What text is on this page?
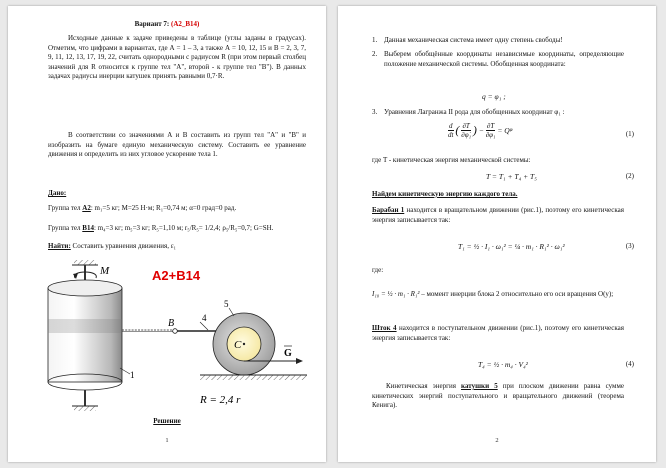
Вариант 7: (А2_В14)
Исходные данные к задаче приведены в таблице (углы заданы в градусах). Отметим, что цифрами в вариантах, где А = 1 – 3, а также А = 10, 12, 15 и В = 2, 3, 7, 9, 11, 12, 13, 17, 19, 22, считать однородными с радиусом R (при этом первый столбец значений для R относится к группе тел "А", второй - к группе тел "В"). В данных задачах радиусы инерции катушек принять равными 0,7·R.
В соответствии со значениями А и В составить из групп тел "А" и "В" и изобразить на бумаге единую механическую систему. Составить ее уравнение движения и определить из них угловое ускорение тела 1.
Дано:
Группа тел А2: m₁=5 кг; M=25 Н·м; R₁=0,74 м; α=0 град=0 рад.
Группа тел В14: m₄=3 кг; m₅=3 кг; R₅=1,10 м; r₅/R₅= 1/2,4; ρ₅/R₅=0,7; G=SH.
Найти: Составить уравнения движения, ε₁
M
1
B	4
C
5
G
А2+В14
R = 2,4 r
Решение
1
1. Данная механическая система имеет одну степень свободы!
2. Выберем обобщённые координаты независимые координаты, определяющие положение механической системы. Обобщенная координата:
q = φ₁ ;
3. Уравнения Лагранжа II рода для обобщенных координат φ₁ :
$\frac{d}{dt}$ ( $\frac{\partial T}{\text{∂φ̇₁}}$ ) − $\frac{\partial T}{\text{∂φ₁}} = Q\varphi$	(1)
где T - кинетическая энергия механической системы:
T = T₁ + T₄ + T₅	(2)
Найдем кинетическую энергию каждого тела.
Барабан 1 находится в вращательном движении (рис.1), поэтому его кинетическая энергия записывается так:
T₁ = ½ · I₁ · ω₁² = ¼ · m₁ · R₁² · ω₁²	(3)
где:
I₁₀ = ½ · m₁ · R₁² – момент инерции блока 2 относительно его оси вращения O(y);
Шток 4 находится в поступательном движении (рис.1), поэтому его кинетическая энергия записывается так:
T₄ = ½ · m₄ · V₄²	(4)
Кинетическая энергия катушки 5 при плоском движении равна сумме кинетических энергий поступательного и вращательного движений (теорема Кенига).
2
